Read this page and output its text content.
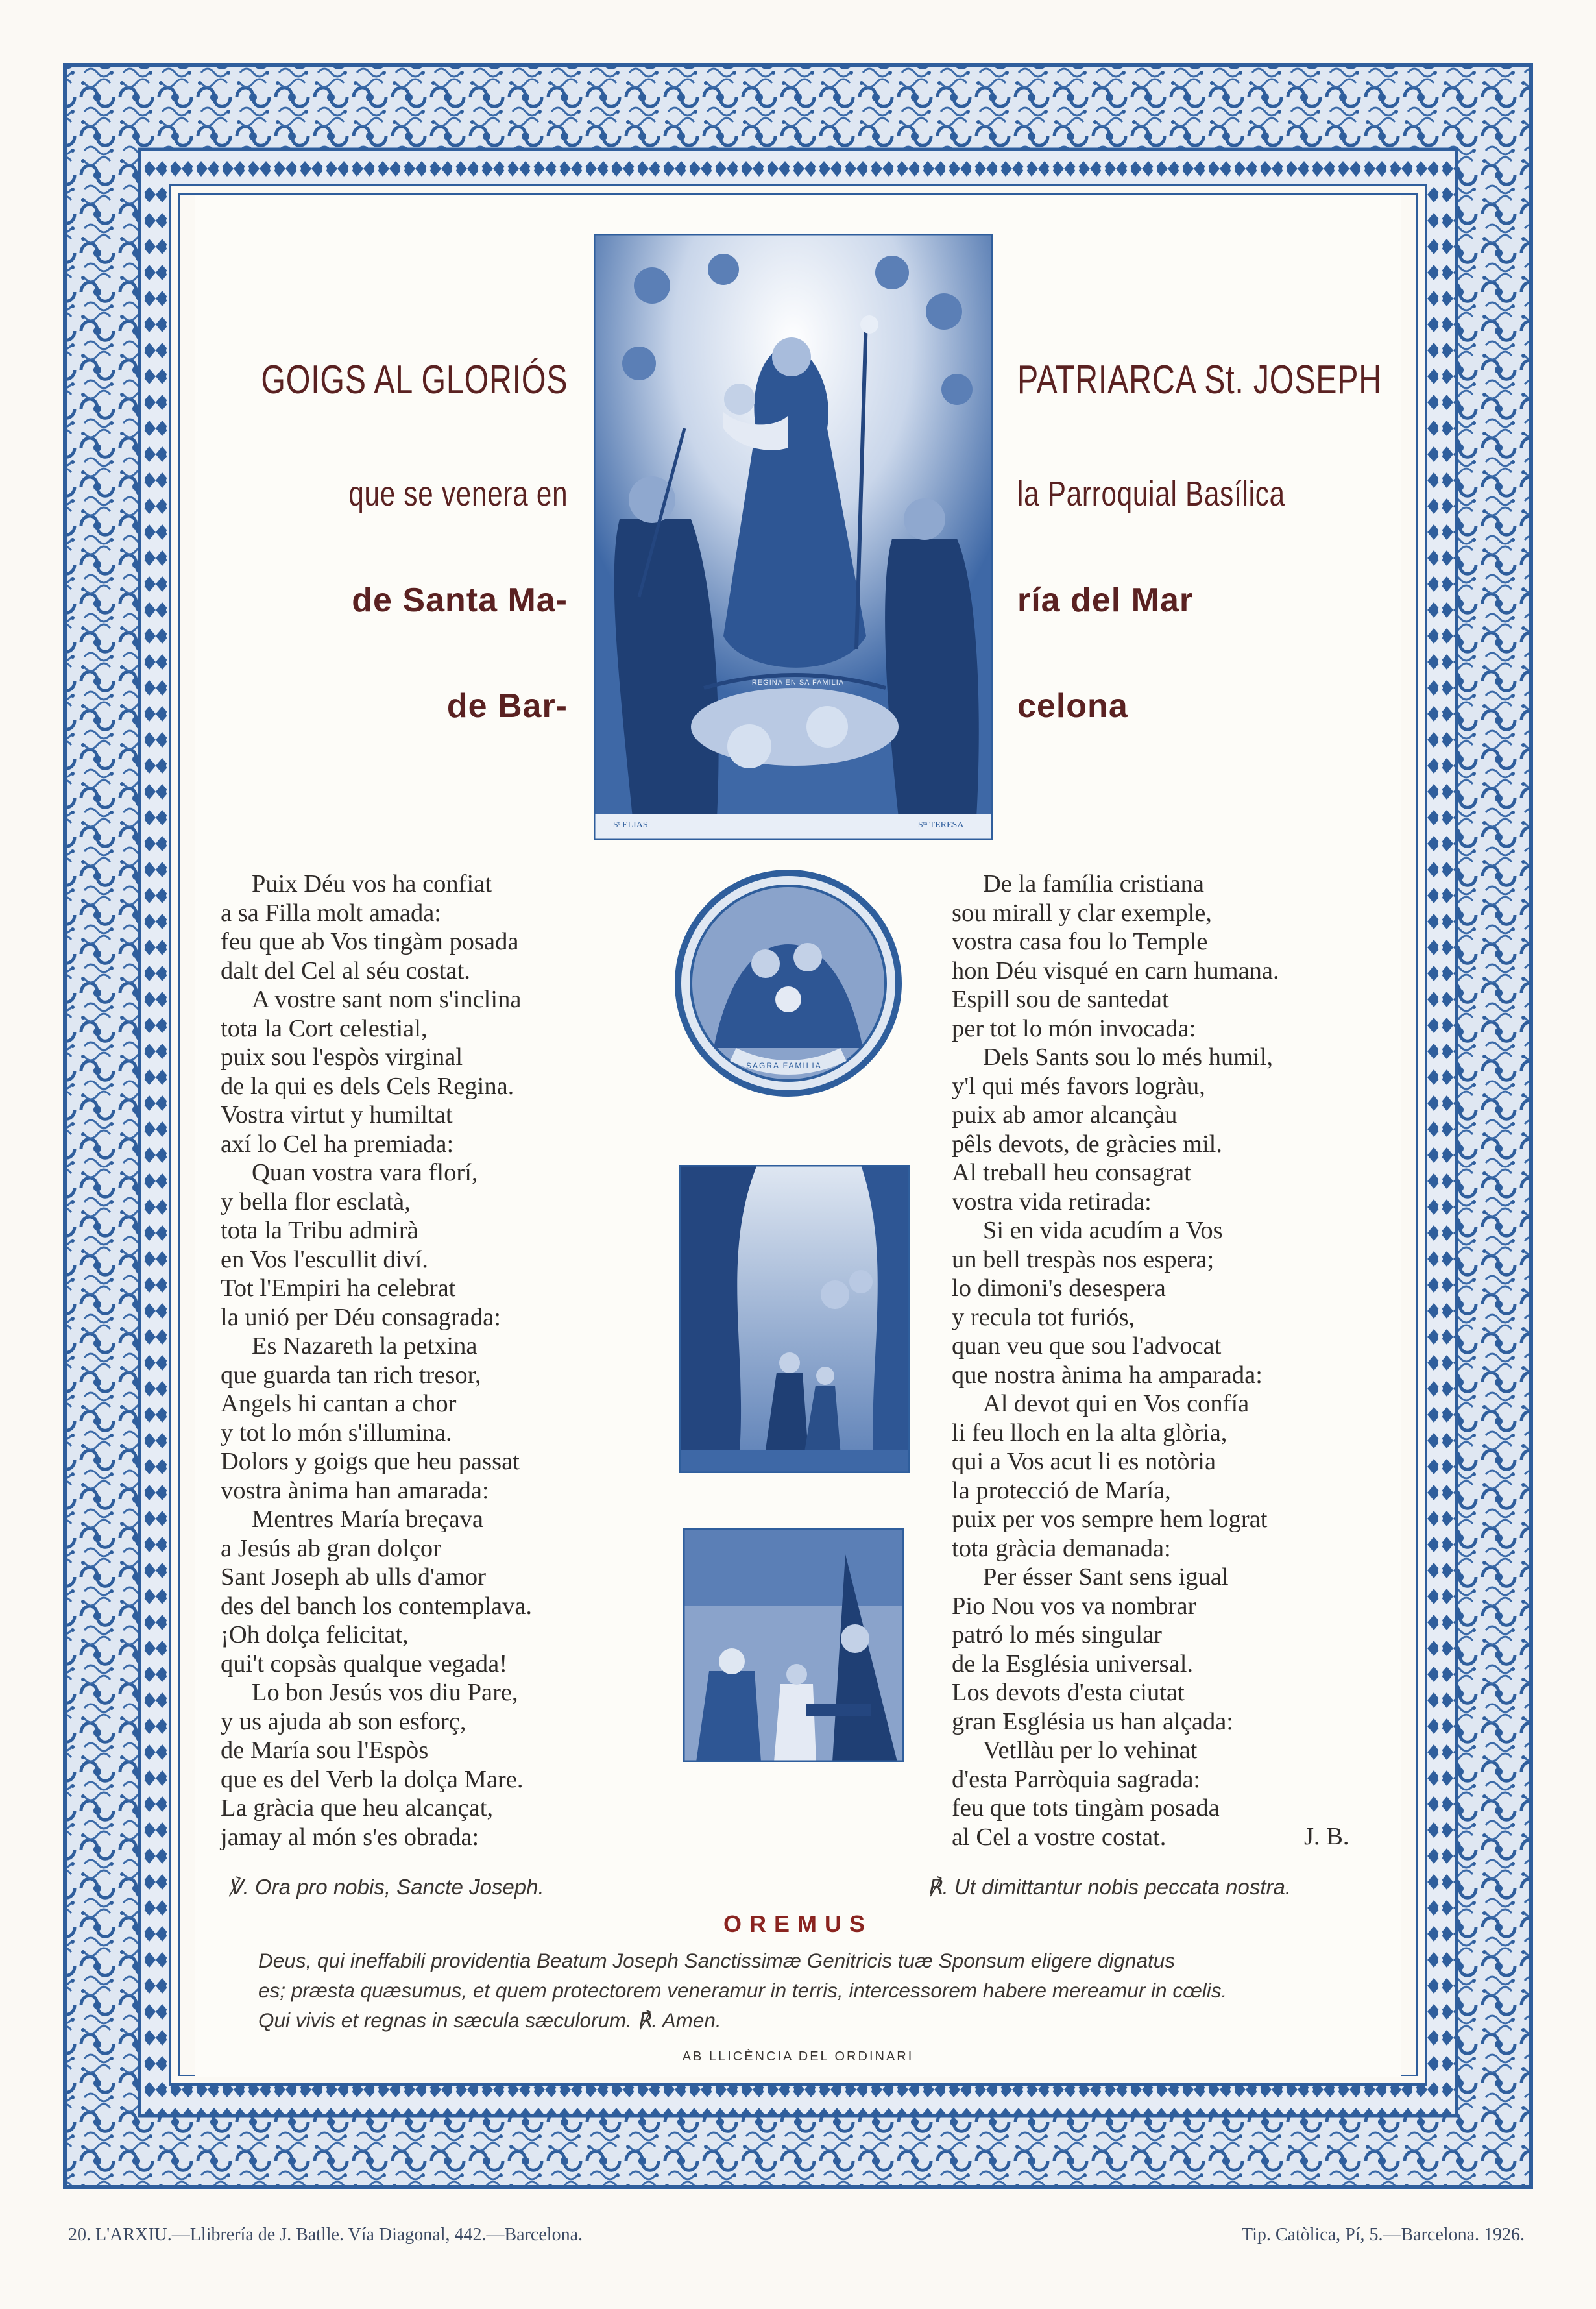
GOIGS AL GLORIÓS
que se venera en
de Santa Ma-
de Bar-
PATRIARCA St. JOSEPH
la Parroquial Basílica
ría del Mar
celona
REGINA EN SA FAMILIA
Sᵗ ELIAS	Sᵗᵃ TERESA
SAGRA FAMILIA
Puix Déu vos ha confiat
a sa Filla molt amada:
feu que ab Vos tingàm posada
dalt del Cel al séu costat.
A vostre sant nom s'inclina
tota la Cort celestial,
puix sou l'espòs virginal
de la qui es dels Cels Regina.
Vostra virtut y humiltat
axí lo Cel ha premiada:
Quan vostra vara florí,
y bella flor esclatà,
tota la Tribu admirà
en Vos l'escullit diví.
Tot l'Empiri ha celebrat
la unió per Déu consagrada:
Es Nazareth la petxina
que guarda tan rich tresor,
Angels hi cantan a chor
y tot lo món s'illumina.
Dolors y goigs que heu passat
vostra ànima han amarada:
Mentres María breçava
a Jesús ab gran dolçor
Sant Joseph ab ulls d'amor
des del banch los contemplava.
¡Oh dolça felicitat,
qui't copsàs qualque vegada!
Lo bon Jesús vos diu Pare,
y us ajuda ab son esforç,
de María sou l'Espòs
que es del Verb la dolça Mare.
La gràcia que heu alcançat,
jamay al món s'es obrada:
De la família cristiana
sou mirall y clar exemple,
vostra casa fou lo Temple
hon Déu visqué en carn humana.
Espill sou de santedat
per tot lo món invocada:
Dels Sants sou lo més humil,
y'l qui més favors logràu,
puix ab amor alcançàu
pêls devots, de gràcies mil.
Al treball heu consagrat
vostra vida retirada:
Si en vida acudím a Vos
un bell trespàs nos espera;
lo dimoni's desespera
y recula tot furiós,
quan veu que sou l'advocat
que nostra ànima ha amparada:
Al devot qui en Vos confía
li feu lloch en la alta glòria,
qui a Vos acut li es notòria
la protecció de María,
puix per vos sempre hem lograt
tota gràcia demanada:
Per ésser Sant sens igual
Pio Nou vos va nombrar
patró lo més singular
de la Església universal.
Los devots d'esta ciutat
gran Església us han alçada:
Vetllàu per lo vehinat
d'esta Parròquia sagrada:
feu que tots tingàm posada
al Cel a vostre costat.	J. B.
℣. Ora pro nobis, Sancte Joseph.	℟. Ut dimittantur nobis peccata nostra.
OREMUS
Deus, qui ineffabili providentia Beatum Joseph Sanctissimæ Genitricis tuæ Sponsum eligere dignatus
es; præsta quæsumus, et quem protectorem veneramur in terris, intercessorem habere mereamur in cœlis.
Qui vivis et regnas in sæcula sæculorum. ℟. Amen.
AB LLICÈNCIA DEL ORDINARI
20. L'ARXIU.—Llibrería de J. Batlle. Vía Diagonal, 442.—Barcelona.	Tip. Catòlica, Pí, 5.—Barcelona. 1926.
